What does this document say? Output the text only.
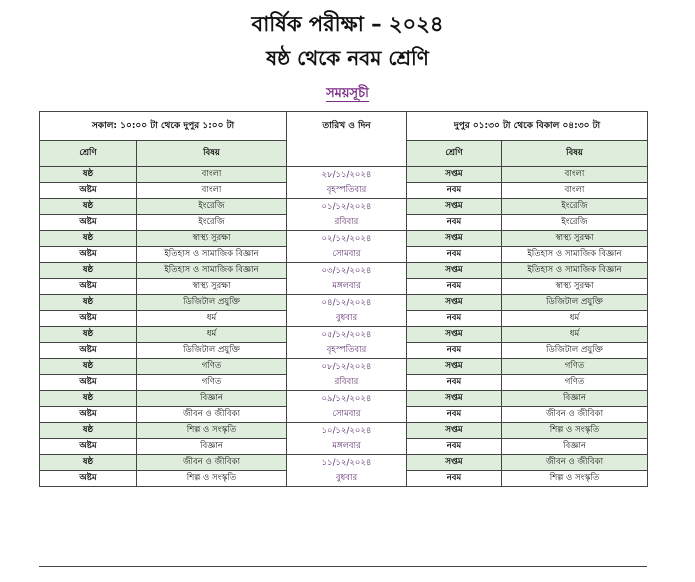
বার্ষিক পরীক্ষা – ২০২৪
ষষ্ঠ থেকে নবম শ্রেণি
সময়সূচী
সকাল: ১০:০০ টা থেকে দুপুর ১:০০ টা		তারিখ ও দিন	দুপুর ০১:৩০ টা থেকে বিকাল ০৪:৩০ টা	
শ্রেণি	বিষয়		শ্রেণি	বিষয়
ষষ্ঠ	বাংলা	২৮/১১/২০২৪	সপ্তম	বাংলা
অষ্টম	বাংলা	বৃহস্পতিবার	নবম	বাংলা
ষষ্ঠ	ইংরেজি	০১/১২/২০২৪	সপ্তম	ইংরেজি
অষ্টম	ইংরেজি	রবিবার	নবম	ইংরেজি
ষষ্ঠ	স্বাস্থ্য সুরক্ষা	০২/১২/২০২৪	সপ্তম	স্বাস্থ্য সুরক্ষা
অষ্টম	ইতিহাস ও সামাজিক বিজ্ঞান	সোমবার	নবম	ইতিহাস ও সামাজিক বিজ্ঞান
ষষ্ঠ	ইতিহাস ও সামাজিক বিজ্ঞান	০৩/১২/২০২৪	সপ্তম	ইতিহাস ও সামাজিক বিজ্ঞান
অষ্টম	স্বাস্থ্য সুরক্ষা	মঙ্গলবার	নবম	স্বাস্থ্য সুরক্ষা
ষষ্ঠ	ডিজিটাল প্রযুক্তি	০৪/১২/২০২৪	সপ্তম	ডিজিটাল প্রযুক্তি
অষ্টম	ধর্ম	বুধবার	নবম	ধর্ম
ষষ্ঠ	ধর্ম	০৫/১২/২০২৪	সপ্তম	ধর্ম
অষ্টম	ডিজিটাল প্রযুক্তি	বৃহস্পতিবার	নবম	ডিজিটাল প্রযুক্তি
ষষ্ঠ	গণিত	০৮/১২/২০২৪	সপ্তম	গণিত
অষ্টম	গণিত	রবিবার	নবম	গণিত
ষষ্ঠ	বিজ্ঞান	০৯/১২/২০২৪	সপ্তম	বিজ্ঞান
অষ্টম	জীবন ও জীবিকা	সোমবার	নবম	জীবন ও জীবিকা
ষষ্ঠ	শিল্প ও সংস্কৃতি	১০/১২/২০২৪	সপ্তম	শিল্প ও সংস্কৃতি
অষ্টম	বিজ্ঞান	মঙ্গলবার	নবম	বিজ্ঞান
ষষ্ঠ	জীবন ও জীবিকা	১১/১২/২০২৪	সপ্তম	জীবন ও জীবিকা
অষ্টম	শিল্প ও সংস্কৃতি	বুধবার	নবম	শিল্প ও সংস্কৃতি
